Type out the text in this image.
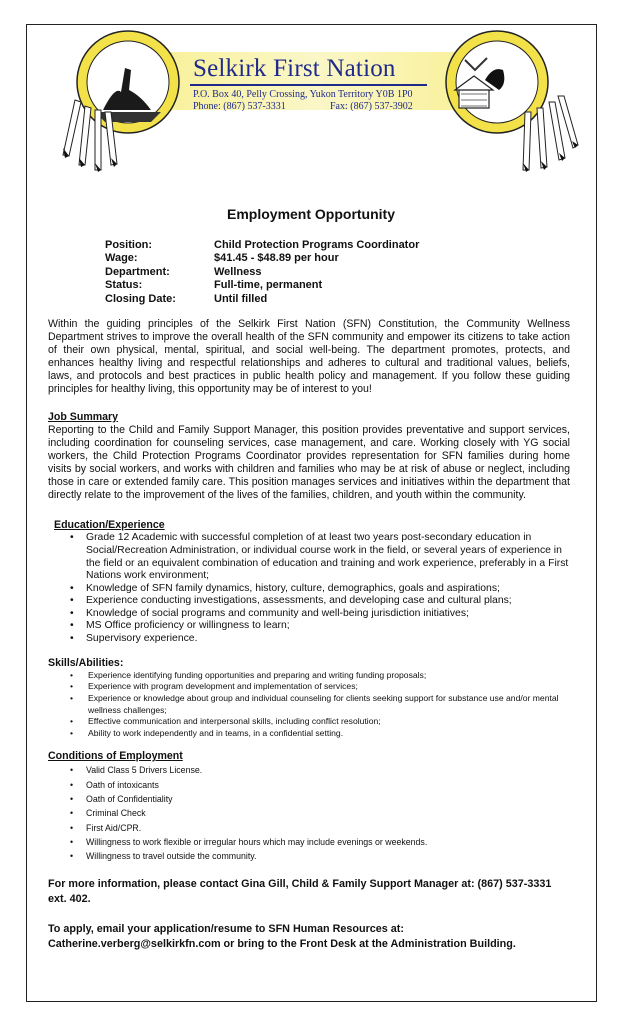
Selkirk First Nation
P.O. Box 40, Pelly Crossing, Yukon Territory Y0B 1P0
Phone: (867) 537-3331	Fax: (867) 537-3902
Employment Opportunity
Position:	Child Protection Programs Coordinator
Wage:	$41.45 - $48.89 per hour
Department:	Wellness
Status:	Full-time, permanent
Closing Date:	Until filled

Within the guiding principles of the Selkirk First Nation (SFN) Constitution, the Community Wellness Department strives to improve the overall health of the SFN community and empower its citizens to take action of their own physical, mental, spiritual, and social well-being. The department promotes, protects, and enhances healthy living and respectful relationships and adheres to cultural and traditional values, beliefs, laws, and protocols and best practices in public health policy and management. If you follow these guiding principles for healthy living, this opportunity may be of interest to you!

Job Summary

Reporting to the Child and Family Support Manager, this position provides preventative and support services, including coordination for counseling services, case management, and care. Working closely with YG social workers, the Child Protection Programs Coordinator provides representation for SFN families during home visits by social workers, and works with children and families who may be at risk of abuse or neglect, including those in care or extended family care. This position manages services and initiatives within the department that directly relate to the improvement of the lives of the families, children, and youth within the community.

Education/Experience
• Grade 12 Academic with successful completion of at least two years post-secondary education in Social/Recreation Administration, or individual course work in the field, or several years of experience in the field or an equivalent combination of education and training and work experience, preferably in a First Nations work environment;
• Knowledge of SFN family dynamics, history, culture, demographics, goals and aspirations;
• Experience conducting investigations, assessments, and developing case and cultural plans;
• Knowledge of social programs and community and well-being jurisdiction initiatives;
• MS Office proficiency or willingness to learn;
• Supervisory experience.
Skills/Abilities:
• Experience identifying funding opportunities and preparing and writing funding proposals;
• Experience with program development and implementation of services;
• Experience or knowledge about group and individual counseling for clients seeking support for substance use and/or mental wellness challenges;
• Effective communication and interpersonal skills, including conflict resolution;
• Ability to work independently and in teams, in a confidential setting.
Conditions of Employment
• Valid Class 5 Drivers License.
• Oath of intoxicants
• Oath of Confidentiality
• Criminal Check
• First Aid/CPR.
• Willingness to work flexible or irregular hours which may include evenings or weekends.
• Willingness to travel outside the community.
For more information, please contact Gina Gill, Child & Family Support Manager at: (867) 537-3331 ext. 402.
To apply, email your application/resume to SFN Human Resources at: Catherine.verberg@selkirkfn.com or bring to the Front Desk at the Administration Building.
